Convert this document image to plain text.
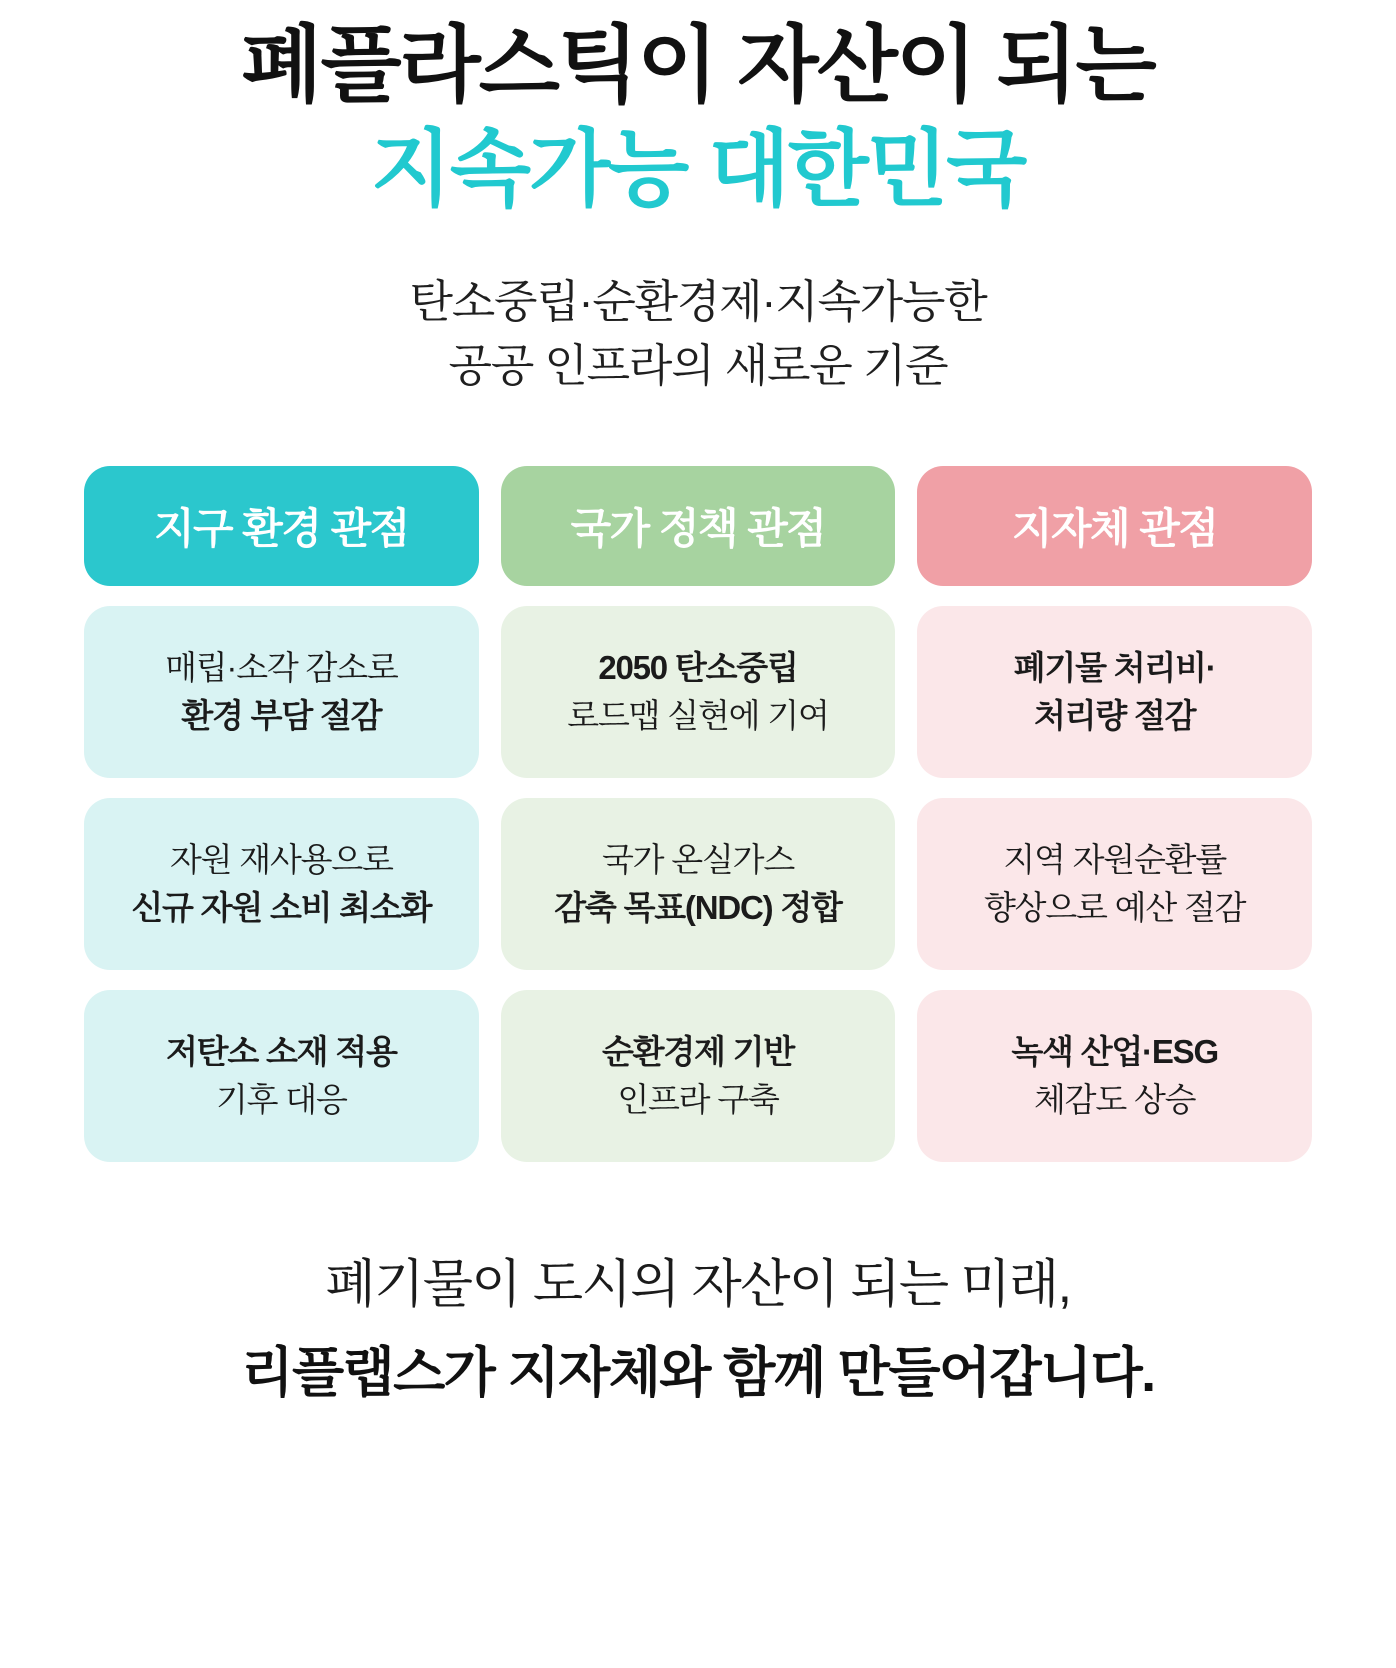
폐플라스틱이 자산이 되는
지속가능 대한민국
탄소중립·순환경제·지속가능한
공공 인프라의 새로운 기준
지구 환경 관점
매립·소각 감소로
환경 부담 절감
자원 재사용으로
신규 자원 소비 최소화
저탄소 소재 적용
기후 대응
국가 정책 관점
2050 탄소중립
로드맵 실현에 기여
국가 온실가스
감축 목표(NDC) 정합
순환경제 기반
인프라 구축
지자체 관점
폐기물 처리비·
처리량 절감
지역 자원순환률
향상으로 예산 절감
녹색 산업·ESG
체감도 상승
폐기물이 도시의 자산이 되는 미래,
리플랩스가 지자체와 함께 만들어갑니다.
